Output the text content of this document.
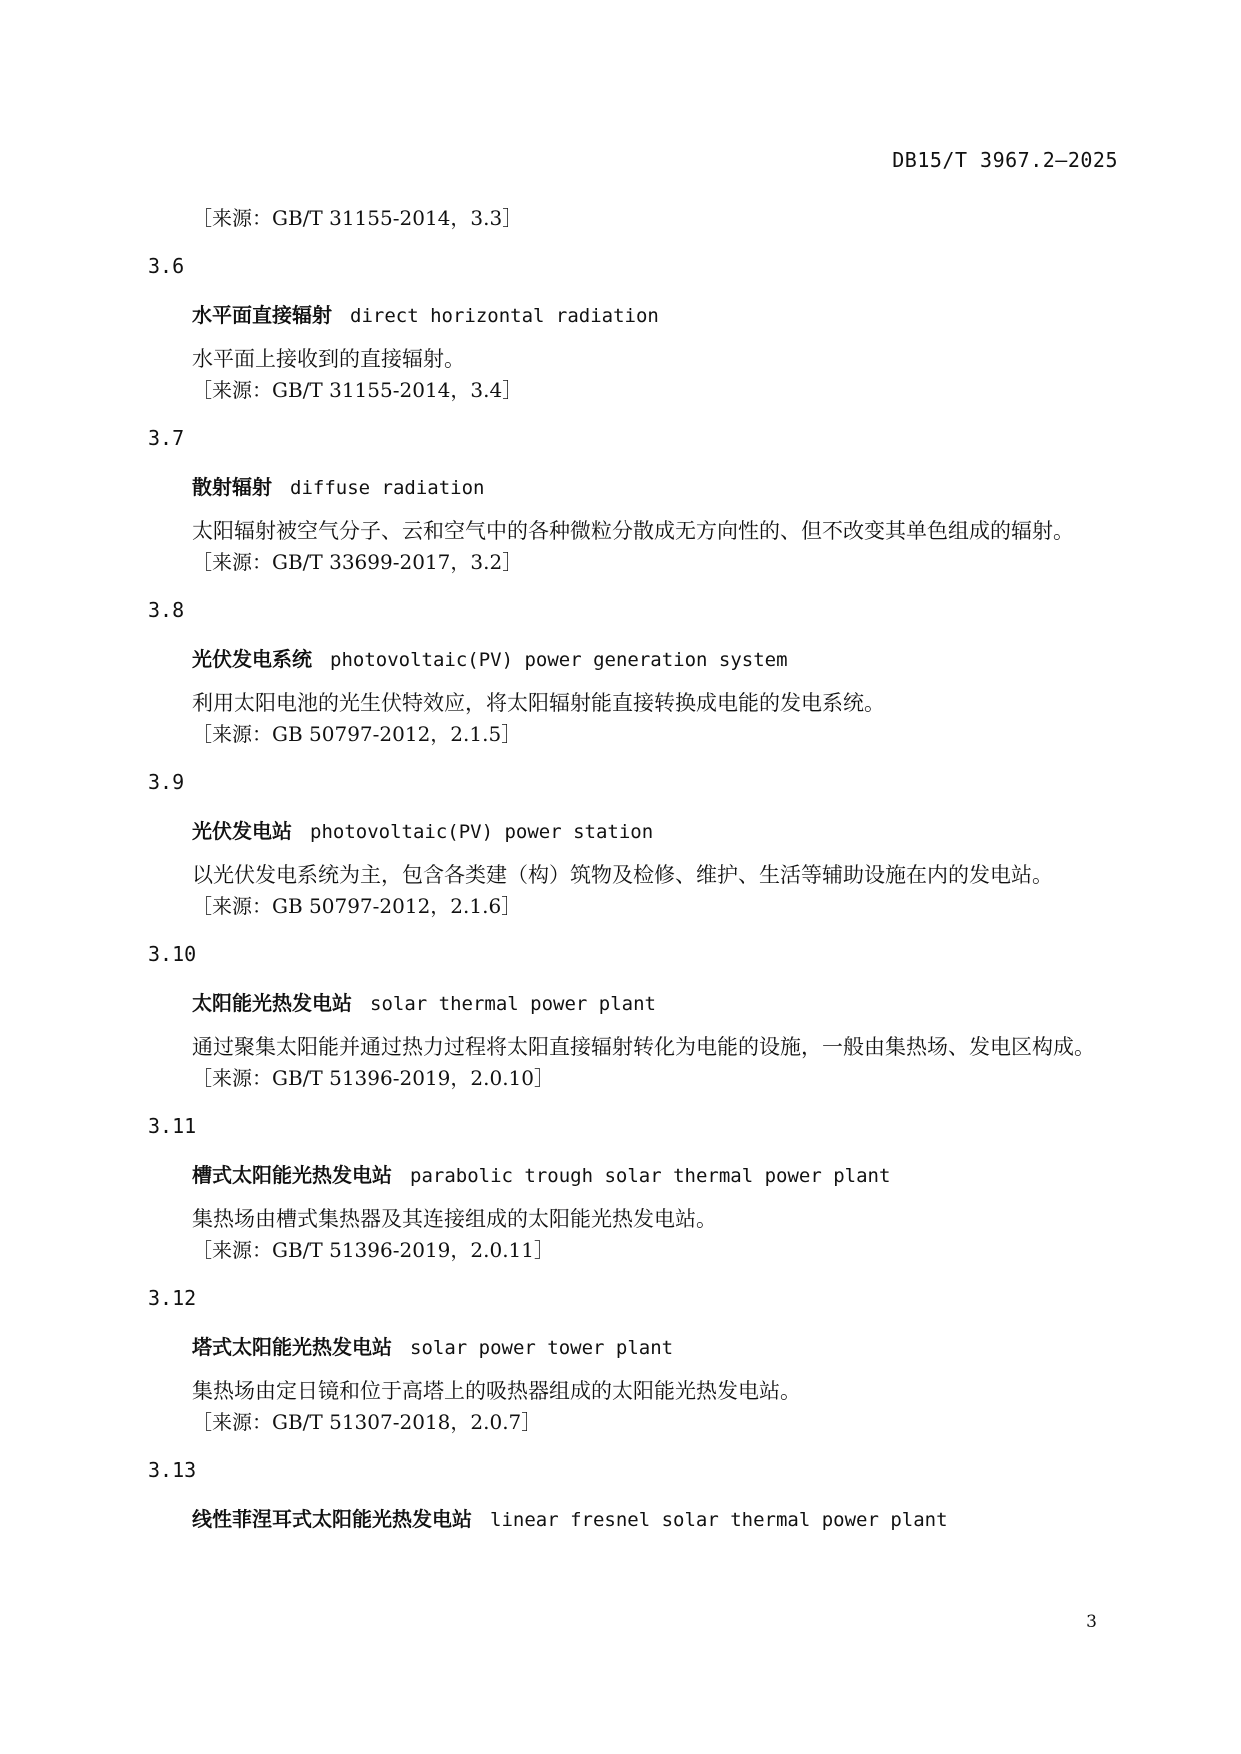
DB15/T 3967.2—2025
［来源：GB/T 31155-2014，3.3］
3.6
水平面直接辐射 direct horizontal radiation
水平面上接收到的直接辐射。
［来源：GB/T 31155-2014，3.4］
3.7
散射辐射 diffuse radiation
太阳辐射被空气分子、云和空气中的各种微粒分散成无方向性的、但不改变其单色组成的辐射。
［来源：GB/T 33699-2017，3.2］
3.8
光伏发电系统 photovoltaic(PV) power generation system
利用太阳电池的光生伏特效应，将太阳辐射能直接转换成电能的发电系统。
［来源：GB 50797-2012，2.1.5］
3.9
光伏发电站 photovoltaic(PV) power station
以光伏发电系统为主，包含各类建（构）筑物及检修、维护、生活等辅助设施在内的发电站。
［来源：GB 50797-2012，2.1.6］
3.10
太阳能光热发电站 solar thermal power plant
通过聚集太阳能并通过热力过程将太阳直接辐射转化为电能的设施，一般由集热场、发电区构成。
［来源：GB/T 51396-2019，2.0.10］
3.11
槽式太阳能光热发电站 parabolic trough solar thermal power plant
集热场由槽式集热器及其连接组成的太阳能光热发电站。
［来源：GB/T 51396-2019，2.0.11］
3.12
塔式太阳能光热发电站 solar power tower plant
集热场由定日镜和位于高塔上的吸热器组成的太阳能光热发电站。
［来源：GB/T 51307-2018，2.0.7］
3.13
线性菲涅耳式太阳能光热发电站 linear fresnel solar thermal power plant
3
